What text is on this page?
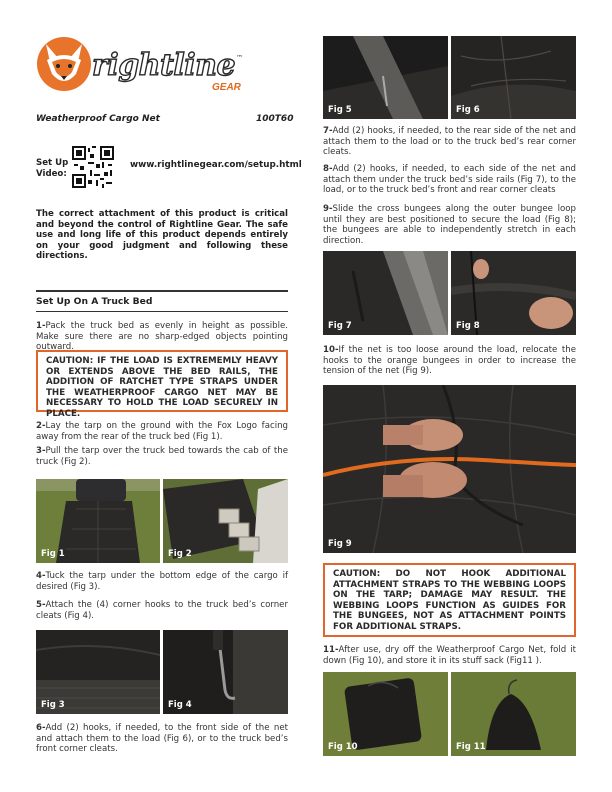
rightline ™
GEAR
Weatherproof Cargo Net	100T60
Set Up
Video:
www.rightlinegear.com/setup.html
The correct attachment of this product is critical and beyond the control of Rightline Gear. The safe use and long life of this product depends entirely on your good judgment and following these directions.
Set Up On A Truck Bed
1-Pack the truck bed as evenly in height as possible. Make sure there are no sharp-edged objects pointing outward.
CAUTION: IF THE LOAD IS EXTREMEMLY HEAVY OR EXTENDS ABOVE THE BED RAILS, THE ADDITION OF RATCHET TYPE STRAPS UNDER THE WEATHERPROOF CARGO NET MAY BE NECESSARY TO HOLD THE LOAD SECURELY IN PLACE.
2-Lay the tarp on the ground with the Fox Logo facing away from the rear of the truck bed (Fig 1).
3-Pull the tarp over the truck bed towards the cab of the truck (Fig 2).
Fig 1	Fig 2
4-Tuck the tarp under the bottom edge of the cargo if desired (Fig 3).
5-Attach the (4) corner hooks to the truck bed’s corner cleats (Fig 4).
Fig 3	Fig 4
6-Add (2) hooks, if needed, to the front side of the net and attach them to the load (Fig 6), or to the truck bed’s front corner cleats.
Fig 5	Fig 6
7-Add (2) hooks, if needed, to the rear side of the net and attach them to the load or to the truck bed’s rear corner cleats.
8-Add (2) hooks, if needed, to each side of the net and attach them under the truck bed’s side rails (Fig 7), to the load, or to the truck bed’s front and rear corner cleats
9-Slide the cross bungees along the outer bungee loop until they are best positioned to secure the load (Fig 8); the bungees are able to independently stretch in each direction.
Fig 7	Fig 8
10-If the net is too loose around the load, relocate the hooks to the orange bungees in order to increase the tension of the net (Fig 9).
Fig 9
CAUTION: DO NOT HOOK ADDITIONAL ATTACHMENT STRAPS TO THE WEBBING LOOPS ON THE TARP; DAMAGE MAY RESULT. THE WEBBING LOOPS FUNCTION AS GUIDES FOR THE BUNGEES, NOT AS ATTACHMENT POINTS FOR ADDITIONAL STRAPS.
11-After use, dry off the Weatherproof Cargo Net, fold it down (Fig 10), and store it in its stuff sack (Fig11 ).
Fig 10	Fig 11
